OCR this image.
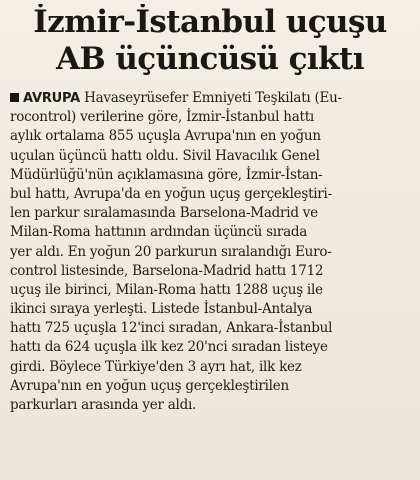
İzmir-İstanbul uçuşu
AB üçüncüsü çıktı
AVRUPA Havaseyrüsefer Emniyeti Teşkilatı (Eu-
rocontrol) verilerine göre, İzmir-İstanbul hattı
aylık ortalama 855 uçuşla Avrupa'nın en yoğun
uçulan üçüncü hattı oldu. Sivil Havacılık Genel
Müdürlüğü'nün açıklamasına göre, İzmir-İstan-
bul hattı, Avrupa'da en yoğun uçuş gerçekleştiri-
len parkur sıralamasında Barselona-Madrid ve
Milan-Roma hattının ardından üçüncü sırada
yer aldı. En yoğun 20 parkurun sıralandığı Euro-
control listesinde, Barselona-Madrid hattı 1712
uçuş ile birinci, Milan-Roma hattı 1288 uçuş ile
ikinci sıraya yerleşti. Listede İstanbul-Antalya
hattı 725 uçuşla 12'inci sıradan, Ankara-İstanbul
hattı da 624 uçuşla ilk kez 20'nci sıradan listeye
girdi. Böylece Türkiye'den 3 ayrı hat, ilk kez
Avrupa'nın en yoğun uçuş gerçekleştirilen
parkurları arasında yer aldı.
